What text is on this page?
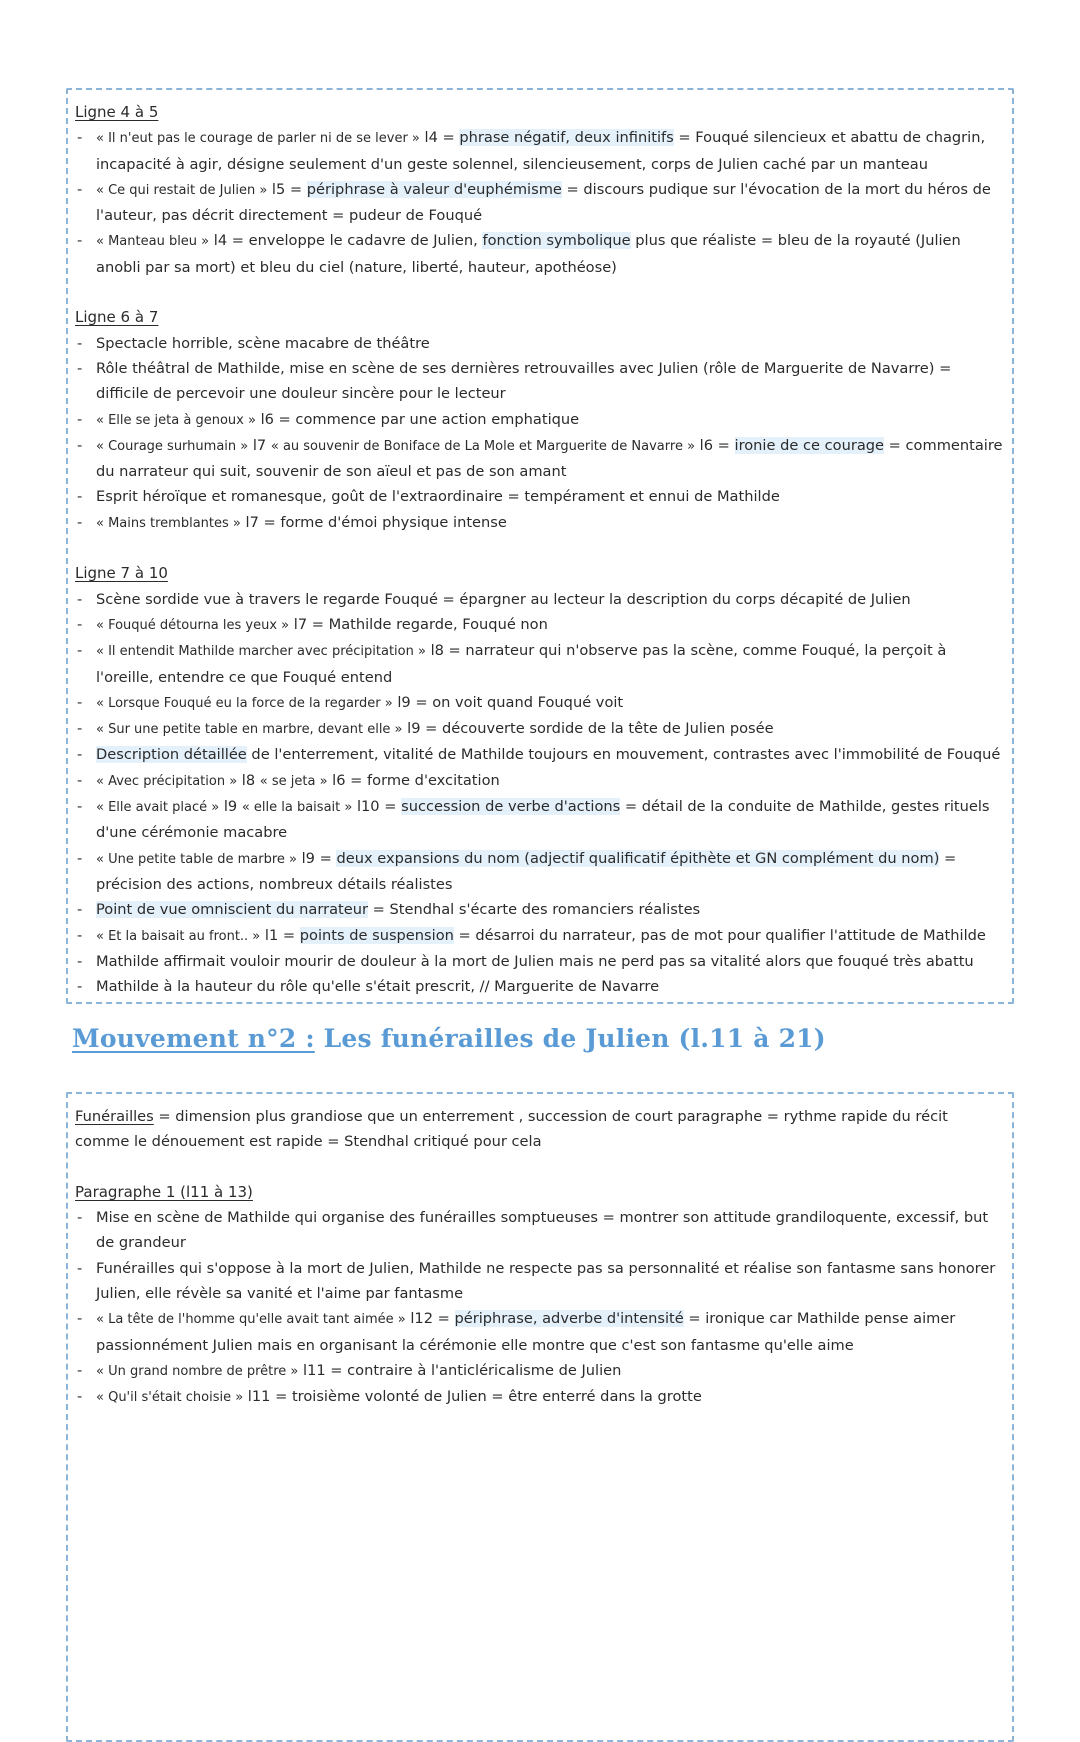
Ligne 4 à 5
- « Il n'eut pas le courage de parler ni de se lever » l4 = phrase négatif, deux infinitifs = Fouqué silencieux et abattu de chagrin, incapacité à agir, désigne seulement d'un geste solennel, silencieusement, corps de Julien caché par un manteau
- « Ce qui restait de Julien » l5 = périphrase à valeur d'euphémisme = discours pudique sur l'évocation de la mort du héros de l'auteur, pas décrit directement = pudeur de Fouqué
- « Manteau bleu » l4 = enveloppe le cadavre de Julien, fonction symbolique plus que réaliste = bleu de la royauté (Julien anobli par sa mort) et bleu du ciel (nature, liberté, hauteur, apothéose)
Ligne 6 à 7
- Spectacle horrible, scène macabre de théâtre
- Rôle théâtral de Mathilde, mise en scène de ses dernières retrouvailles avec Julien (rôle de Marguerite de Navarre) = difficile de percevoir une douleur sincère pour le lecteur
- « Elle se jeta à genoux » l6 = commence par une action emphatique
- « Courage surhumain » l7 « au souvenir de Boniface de La Mole et Marguerite de Navarre » l6 = ironie de ce courage = commentaire du narrateur qui suit, souvenir de son aïeul et pas de son amant
- Esprit héroïque et romanesque, goût de l'extraordinaire = tempérament et ennui de Mathilde
- « Mains tremblantes » l7 = forme d'émoi physique intense
Ligne 7 à 10
- Scène sordide vue à travers le regarde Fouqué = épargner au lecteur la description du corps décapité de Julien
- « Fouqué détourna les yeux » l7 = Mathilde regarde, Fouqué non
- « Il entendit Mathilde marcher avec précipitation » l8 = narrateur qui n'observe pas la scène, comme Fouqué, la perçoit à l'oreille, entendre ce que Fouqué entend
- « Lorsque Fouqué eu la force de la regarder » l9 = on voit quand Fouqué voit
- « Sur une petite table en marbre, devant elle » l9 = découverte sordide de la tête de Julien posée
- Description détaillée de l'enterrement, vitalité de Mathilde toujours en mouvement, contrastes avec l'immobilité de Fouqué
- « Avec précipitation » l8 « se jeta » l6 = forme d'excitation
- « Elle avait placé » l9 « elle la baisait » l10 = succession de verbe d'actions = détail de la conduite de Mathilde, gestes rituels d'une cérémonie macabre
- « Une petite table de marbre » l9 = deux expansions du nom (adjectif qualificatif épithète et GN complément du nom) = précision des actions, nombreux détails réalistes
- Point de vue omniscient du narrateur = Stendhal s'écarte des romanciers réalistes
- « Et la baisait au front.. » l1 = points de suspension = désarroi du narrateur, pas de mot pour qualifier l'attitude de Mathilde
- Mathilde affirmait vouloir mourir de douleur à la mort de Julien mais ne perd pas sa vitalité alors que fouqué très abattu
- Mathilde à la hauteur du rôle qu'elle s'était prescrit, // Marguerite de Navarre
Mouvement n°2 : Les funérailles de Julien (l.11 à 21)

Funérailles = dimension plus grandiose que un enterrement , succession de court paragraphe = rythme rapide du récit comme le dénouement est rapide = Stendhal critiqué pour cela

Paragraphe 1 (l11 à 13)
- Mise en scène de Mathilde qui organise des funérailles somptueuses = montrer son attitude grandiloquente, excessif, but de grandeur
- Funérailles qui s'oppose à la mort de Julien, Mathilde ne respecte pas sa personnalité et réalise son fantasme sans honorer Julien, elle révèle sa vanité et l'aime par fantasme
- « La tête de l'homme qu'elle avait tant aimée » l12 = périphrase, adverbe d'intensité = ironique car Mathilde pense aimer passionnément Julien mais en organisant la cérémonie elle montre que c'est son fantasme qu'elle aime
- « Un grand nombre de prêtre » l11 = contraire à l'anticléricalisme de Julien
- « Qu'il s'était choisie » l11 = troisième volonté de Julien = être enterré dans la grotte
